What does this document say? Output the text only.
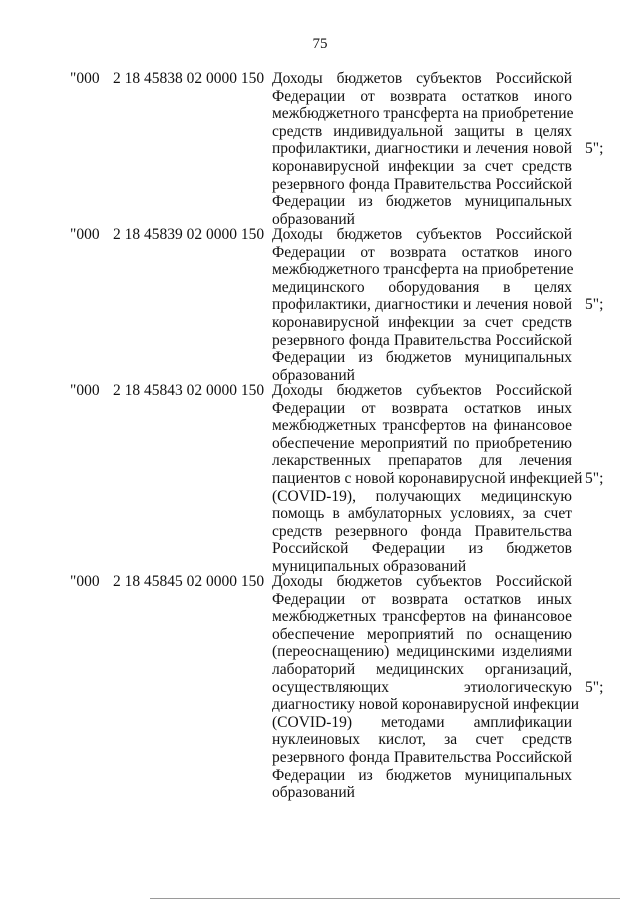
75
"000 2 18 45838 02 0000 150 Доходы бюджетов субъектов Российской
Федерации от возврата остатков иного
межбюджетного трансферта на приобретение
средств индивидуальной защиты в целях
профилактики, диагностики и лечения новой
коронавирусной инфекции за счет средств
резервного фонда Правительства Российской
Федерации из бюджетов муниципальных
образований
5";
"000 2 18 45839 02 0000 150 Доходы бюджетов субъектов Российской
Федерации от возврата остатков иного
межбюджетного трансферта на приобретение
медицинского оборудования в целях
профилактики, диагностики и лечения новой
коронавирусной инфекции за счет средств
резервного фонда Правительства Российской
Федерации из бюджетов муниципальных
образований
5";
"000 2 18 45843 02 0000 150 Доходы бюджетов субъектов Российской
Федерации от возврата остатков иных
межбюджетных трансфертов на финансовое
обеспечение мероприятий по приобретению
лекарственных препаратов для лечения
пациентов с новой коронавирусной инфекцией
(COVID-19), получающих медицинскую
помощь в амбулаторных условиях, за счет
средств резервного фонда Правительства
Российской Федерации из бюджетов
муниципальных образований
5";
"000 2 18 45845 02 0000 150 Доходы бюджетов субъектов Российской
Федерации от возврата остатков иных
межбюджетных трансфертов на финансовое
обеспечение мероприятий по оснащению
(переоснащению) медицинскими изделиями
лабораторий медицинских организаций,
осуществляющих этиологическую
диагностику новой коронавирусной инфекции
(COVID-19) методами амплификации
нуклеиновых кислот, за счет средств
резервного фонда Правительства Российской
Федерации из бюджетов муниципальных
образований
5";
